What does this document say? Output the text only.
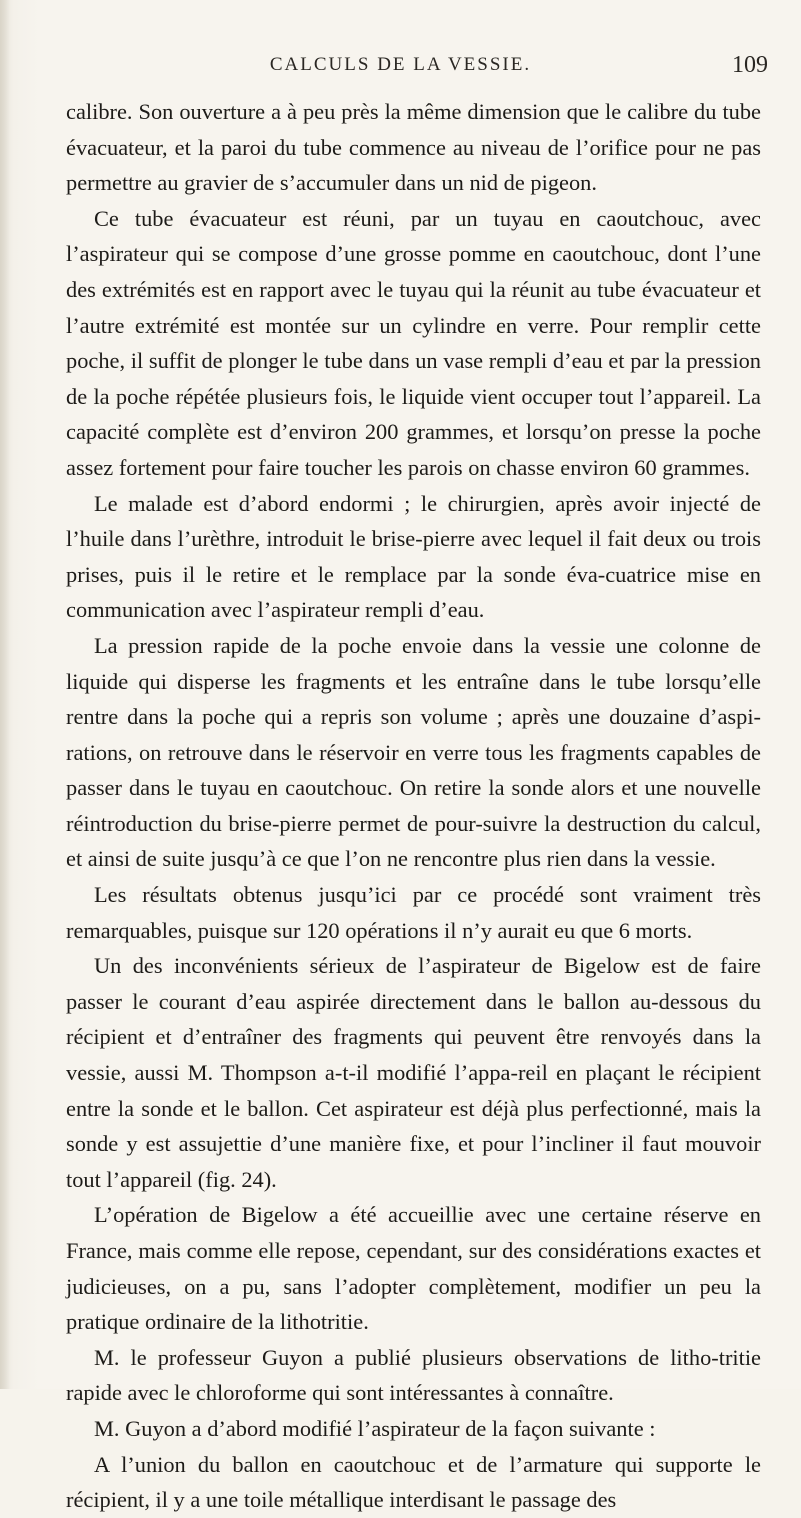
CALCULS DE LA VESSIE.	109

calibre. Son ouverture a à peu près la même dimension que le calibre du tube évacuateur, et la paroi du tube commence au niveau de l’orifice pour ne pas permettre au gravier de s’accumuler dans un nid de pigeon.

Ce tube évacuateur est réuni, par un tuyau en caoutchouc, avec l’aspirateur qui se compose d’une grosse pomme en caoutchouc, dont l’une des extrémités est en rapport avec le tuyau qui la réunit au tube évacuateur et l’autre extrémité est montée sur un cylindre en verre. Pour remplir cette poche, il suffit de plonger le tube dans un vase rempli d’eau et par la pression de la poche répétée plusieurs fois, le liquide vient occuper tout l’appareil. La capacité complète est d’environ 200 grammes, et lorsqu’on presse la poche assez fortement pour faire toucher les parois on chasse environ 60 grammes.

Le malade est d’abord endormi ; le chirurgien, après avoir injecté de l’huile dans l’urèthre, introduit le brise-pierre avec lequel il fait deux ou trois prises, puis il le retire et le remplace par la sonde éva-cuatrice mise en communication avec l’aspirateur rempli d’eau.

La pression rapide de la poche envoie dans la vessie une colonne de liquide qui disperse les fragments et les entraîne dans le tube lorsqu’elle rentre dans la poche qui a repris son volume ; après une douzaine d’aspi-rations, on retrouve dans le réservoir en verre tous les fragments capables de passer dans le tuyau en caoutchouc. On retire la sonde alors et une nouvelle réintroduction du brise-pierre permet de pour-suivre la destruction du calcul, et ainsi de suite jusqu’à ce que l’on ne rencontre plus rien dans la vessie.

Les résultats obtenus jusqu’ici par ce procédé sont vraiment très remarquables, puisque sur 120 opérations il n’y aurait eu que 6 morts.

Un des inconvénients sérieux de l’aspirateur de Bigelow est de faire passer le courant d’eau aspirée directement dans le ballon au-dessous du récipient et d’entraîner des fragments qui peuvent être renvoyés dans la vessie, aussi M. Thompson a-t-il modifié l’appa-reil en plaçant le récipient entre la sonde et le ballon. Cet aspirateur est déjà plus perfectionné, mais la sonde y est assujettie d’une manière fixe, et pour l’incliner il faut mouvoir tout l’appareil (fig. 24).

L’opération de Bigelow a été accueillie avec une certaine réserve en France, mais comme elle repose, cependant, sur des considérations exactes et judicieuses, on a pu, sans l’adopter complètement, modifier un peu la pratique ordinaire de la lithotritie.

M. le professeur Guyon a publié plusieurs observations de litho-tritie rapide avec le chloroforme qui sont intéressantes à connaître.

M. Guyon a d’abord modifié l’aspirateur de la façon suivante :

A l’union du ballon en caoutchouc et de l’armature qui supporte le récipient, il y a une toile métallique interdisant le passage des
